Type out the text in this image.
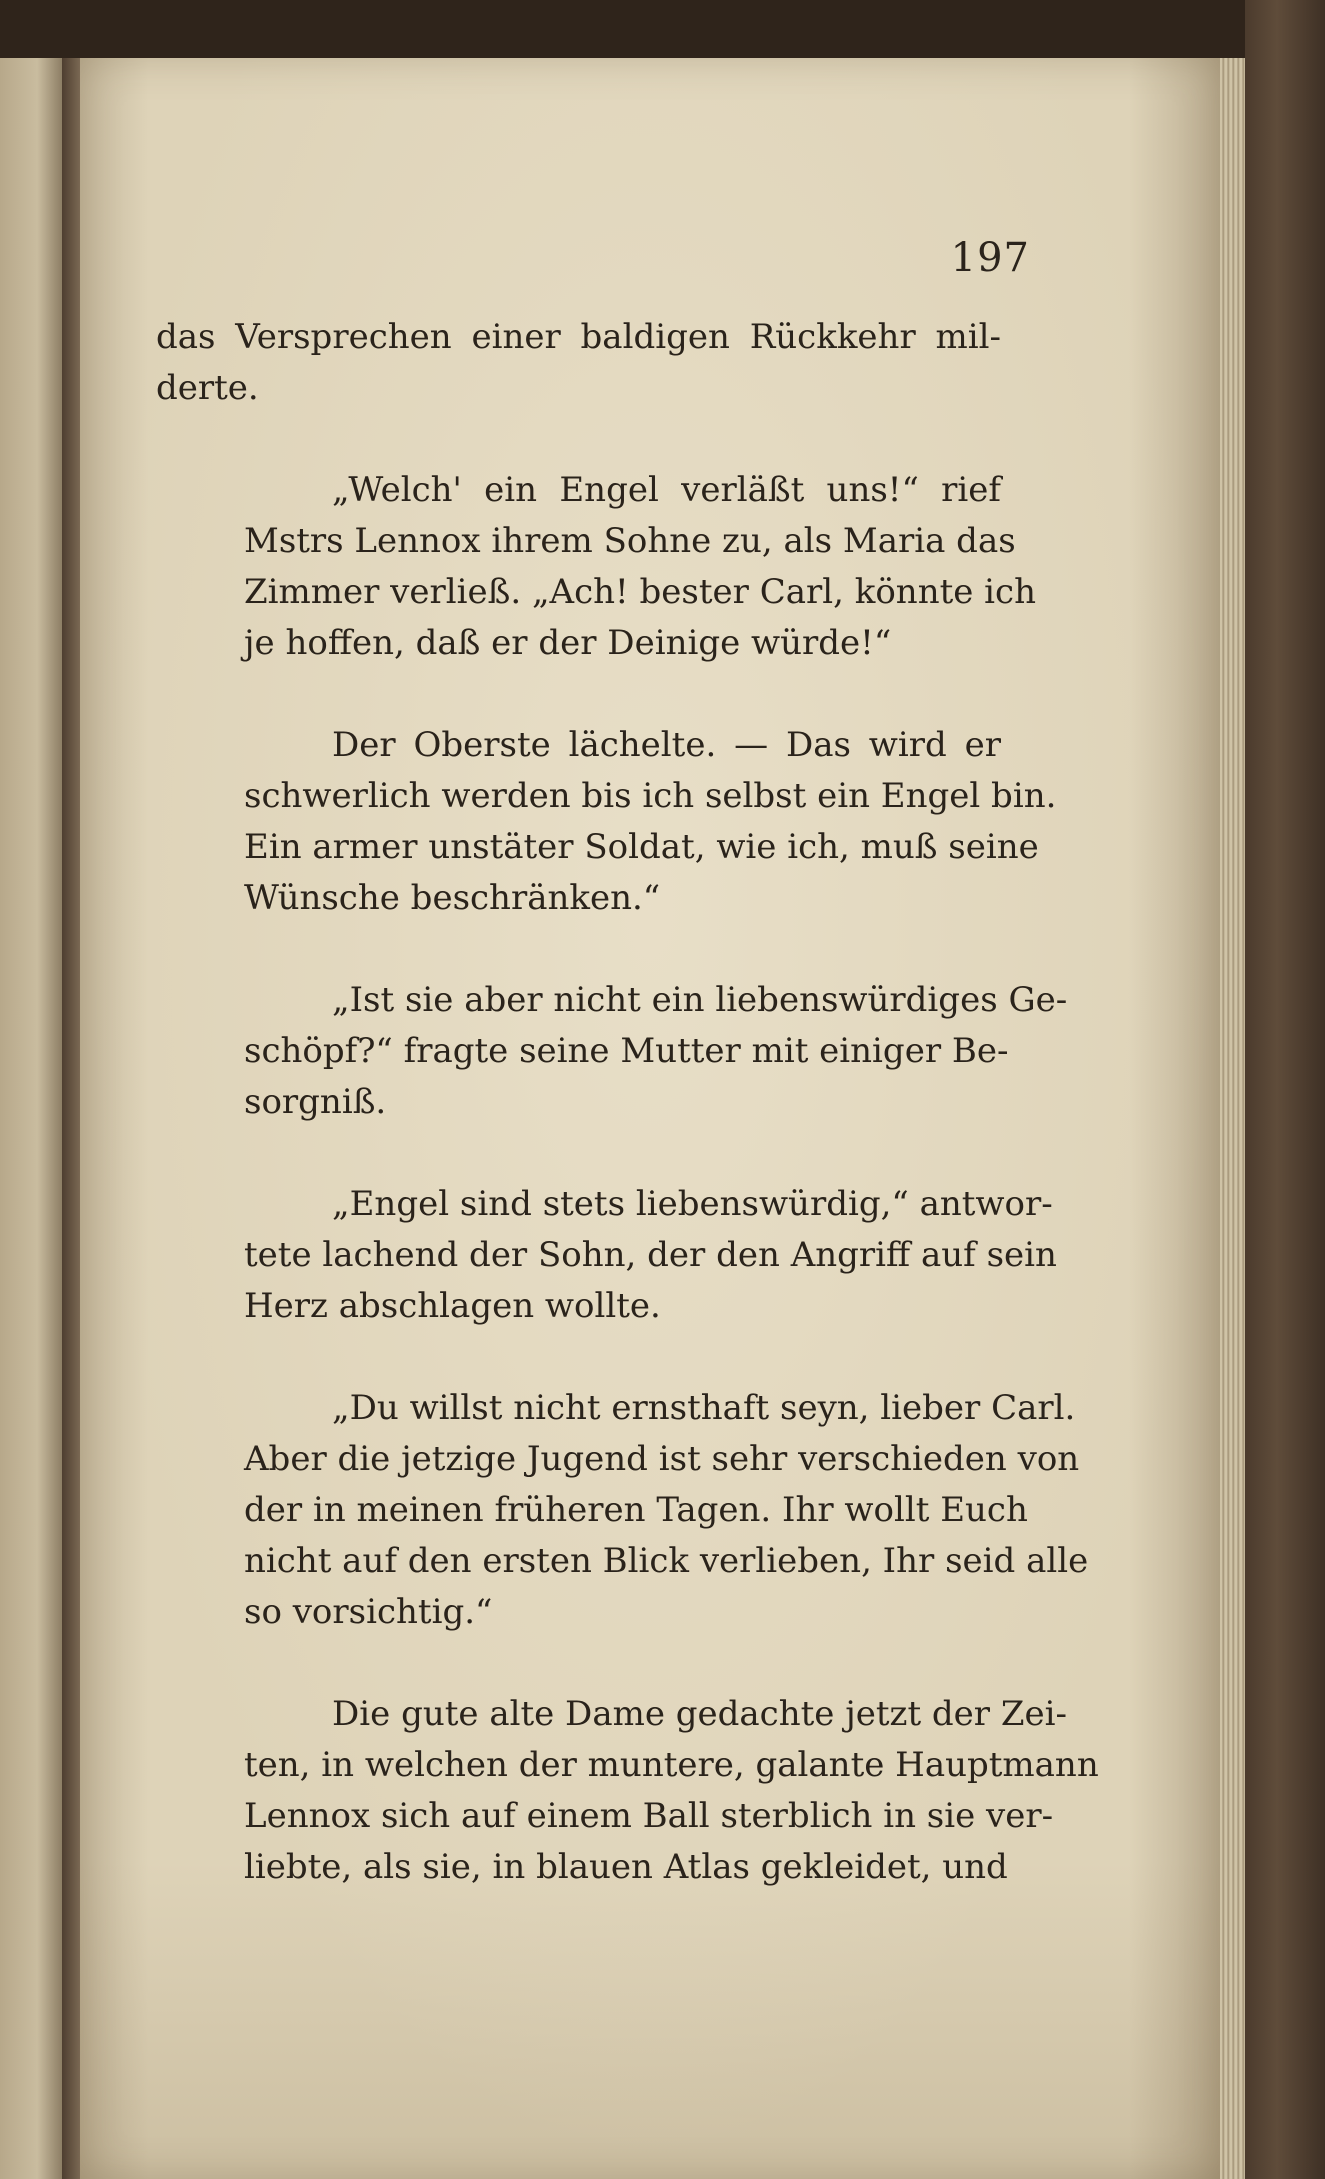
197
das Versprechen einer baldigen Rückkehr mil-
derte.
„Welch' ein Engel verläßt uns!“ rief
Mstrs Lennox ihrem Sohne zu, als Maria das
Zimmer verließ. „Ach! bester Carl, könnte ich
je hoffen, daß er der Deinige würde!“
Der Oberste lächelte. — Das wird er
schwerlich werden bis ich selbst ein Engel bin.
Ein armer unstäter Soldat, wie ich, muß seine
Wünsche beschränken.“
„Ist sie aber nicht ein liebenswürdiges Ge-
schöpf?“ fragte seine Mutter mit einiger Be-
sorgniß.
„Engel sind stets liebenswürdig,“ antwor-
tete lachend der Sohn, der den Angriff auf sein
Herz abschlagen wollte.
„Du willst nicht ernsthaft seyn, lieber Carl.
Aber die jetzige Jugend ist sehr verschieden von
der in meinen früheren Tagen. Ihr wollt Euch
nicht auf den ersten Blick verlieben, Ihr seid alle
so vorsichtig.“
Die gute alte Dame gedachte jetzt der Zei-
ten, in welchen der muntere, galante Hauptmann
Lennox sich auf einem Ball sterblich in sie ver-
liebte, als sie, in blauen Atlas gekleidet, und
